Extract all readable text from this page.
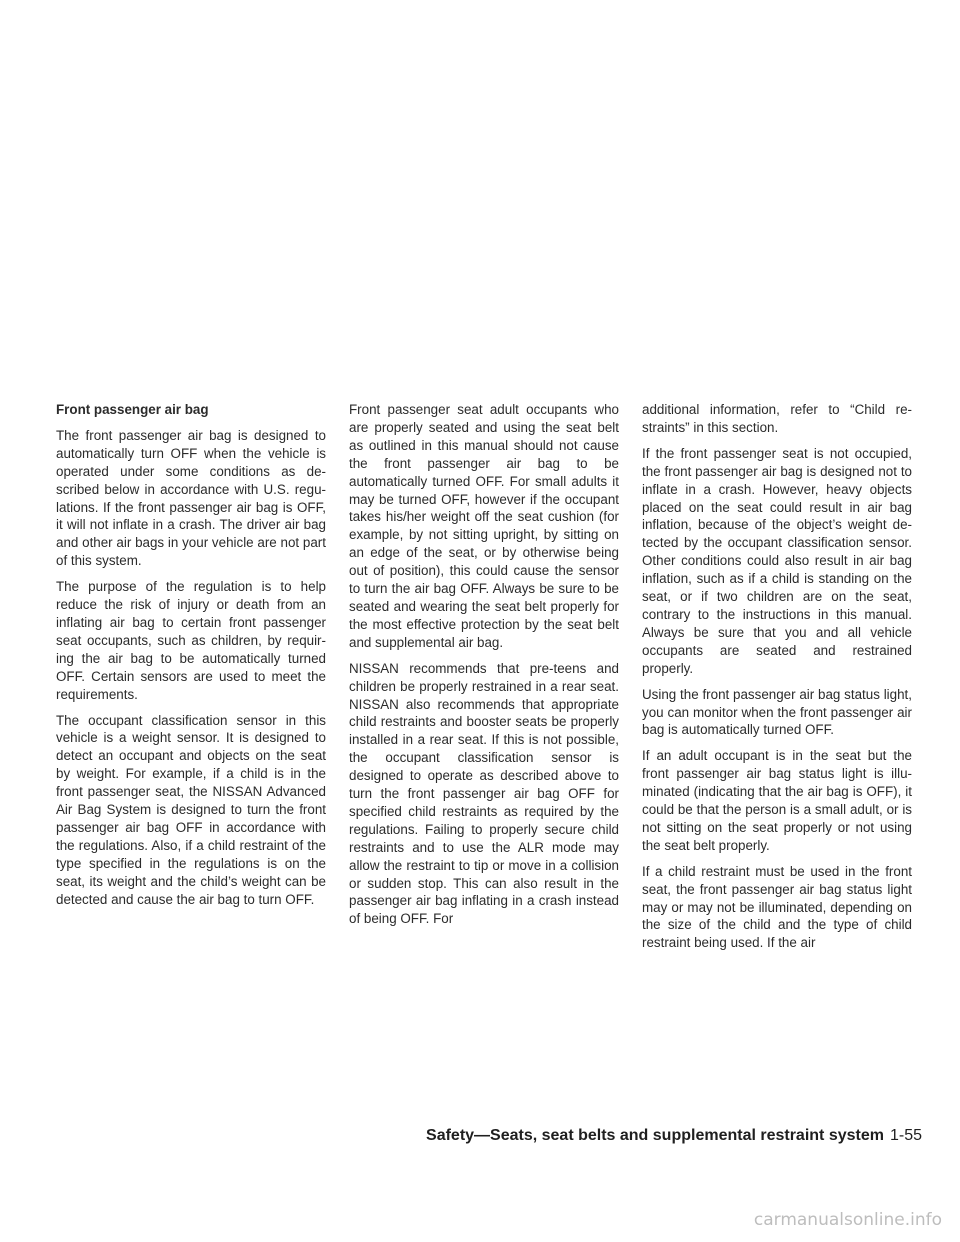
Front passenger air bag

The front passenger air bag is designed to automatically turn OFF when the vehicle is operated under some conditions as described below in accordance with U.S. regulations. If the front passenger air bag is OFF, it will not inflate in a crash. The driver air bag and other air bags in your vehicle are not part of this system.

The purpose of the regulation is to help reduce the risk of injury or death from an inflating air bag to certain front passenger seat occupants, such as children, by requiring the air bag to be automatically turned OFF. Certain sensors are used to meet the requirements.

The occupant classification sensor in this vehicle is a weight sensor. It is designed to detect an occupant and objects on the seat by weight. For example, if a child is in the front passenger seat, the NISSAN Advanced Air Bag System is designed to turn the front passenger air bag OFF in accordance with the regulations. Also, if a child restraint of the type specified in the regulations is on the seat, its weight and the child’s weight can be detected and cause the air bag to turn OFF.

Front passenger seat adult occupants who are properly seated and using the seat belt as outlined in this manual should not cause the front passenger air bag to be automatically turned OFF. For small adults it may be turned OFF, however if the occupant takes his/her weight off the seat cushion (for example, by not sitting upright, by sitting on an edge of the seat, or by otherwise being out of position), this could cause the sensor to turn the air bag OFF. Always be sure to be seated and wearing the seat belt properly for the most effective protection by the seat belt and supplemental air bag.

NISSAN recommends that pre-teens and children be properly restrained in a rear seat. NISSAN also recommends that appropriate child restraints and booster seats be properly installed in a rear seat. If this is not possible, the occupant classification sensor is designed to operate as described above to turn the front passenger air bag OFF for specified child restraints as required by the regulations. Failing to properly secure child restraints and to use the ALR mode may allow the restraint to tip or move in a collision or sudden stop. This can also result in the passenger air bag inflating in a crash instead of being OFF. For

additional information, refer to “Child restraints” in this section.

If the front passenger seat is not occupied, the front passenger air bag is designed not to inflate in a crash. However, heavy objects placed on the seat could result in air bag inflation, because of the object’s weight detected by the occupant classification sensor. Other conditions could also result in air bag inflation, such as if a child is standing on the seat, or if two children are on the seat, contrary to the instructions in this manual. Always be sure that you and all vehicle occupants are seated and restrained properly.

Using the front passenger air bag status light, you can monitor when the front passenger air bag is automatically turned OFF.

If an adult occupant is in the seat but the front passenger air bag status light is illuminated (indicating that the air bag is OFF), it could be that the person is a small adult, or is not sitting on the seat properly or not using the seat belt properly.

If a child restraint must be used in the front seat, the front passenger air bag status light may or may not be illuminated, depending on the size of the child and the type of child restraint being used. If the air

Safety—Seats, seat belts and supplemental restraint system 1-55
carmanualsonline.info
